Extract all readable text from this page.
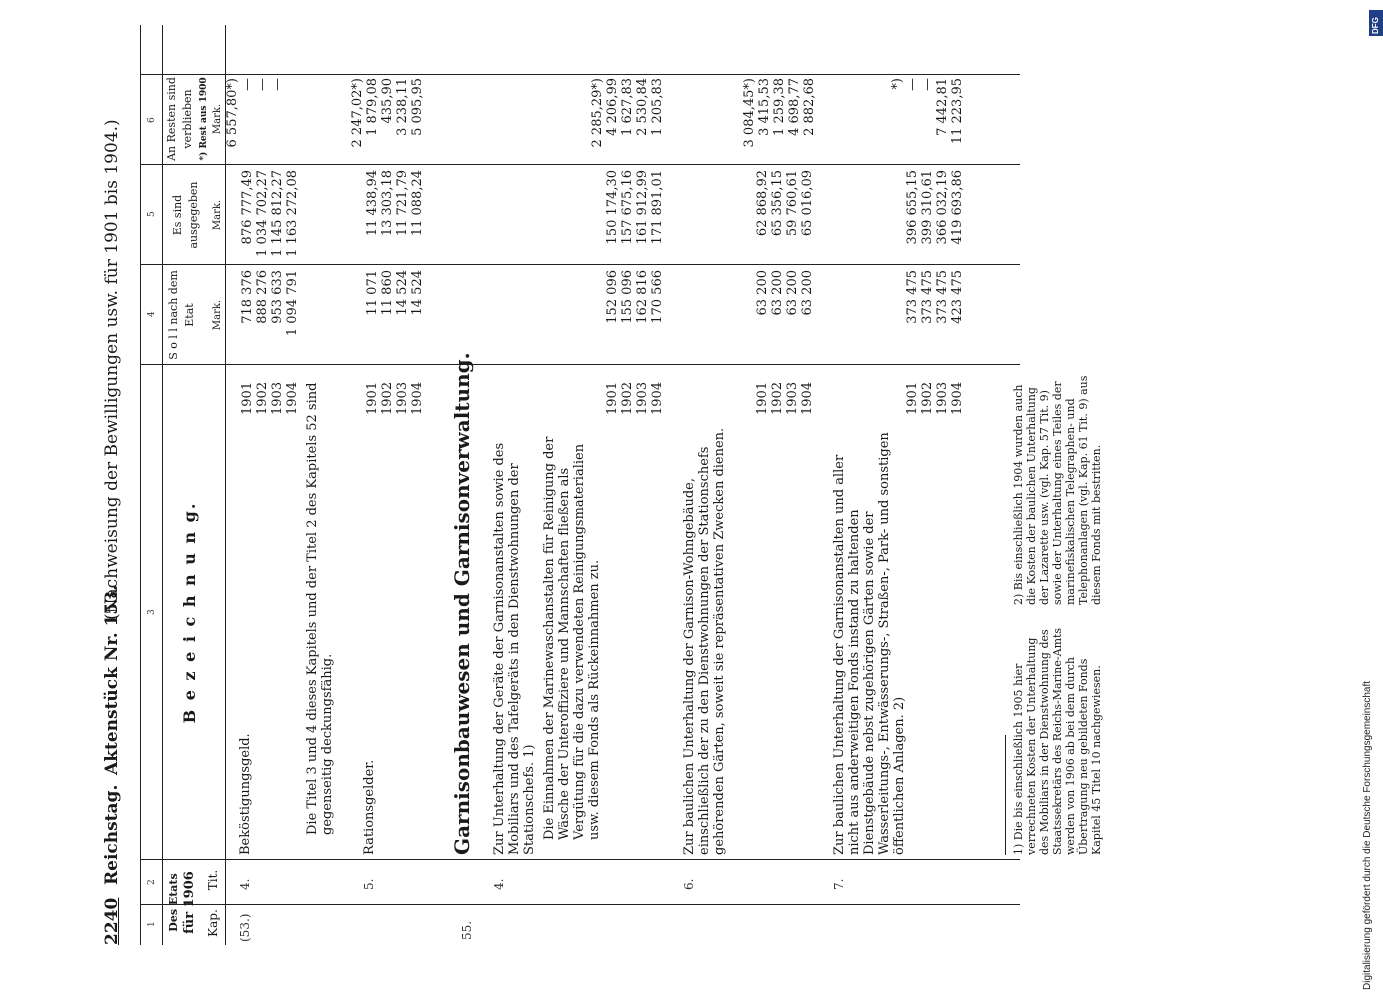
Digitalisierung gefördert durch die Deutsche Forschungsgemeinschaft
DFG
2240
Reichstag.
Aktenstück Nr. 153.
(Nachweisung der Bewilligungen usw. für 1901 bis 1904.)
1
2
3
4
5
6
Des Etats für 1906 Kap.
Tit.
B e z e i c h n u n g.
S o l l nach dem Etat Mark.
Es sind ausgegeben Mark.
An Resten sind verblieben *) Rest aus 1900 Mark.
(53.)
4.
Beköstigungsgeld.
1901 1902 1903 1904
718 376 888 276 953 633 1 094 791
876 777,49 1 034 702,27 1 145 812,27 1 163 272,08
6 557,80*) — — —
Die Titel 3 und 4 dieses Kapitels und der Titel 2 des Kapitels 52 sind gegenseitig deckungsfähig.
5.
Rationsgelder.
1901 1902 1903 1904
11 071 11 860 14 524 14 524
11 438,94 13 303,18 11 721,79 11 088,24
2 247,02*) 1 879,08 435,90 3 238,11 5 095,95
55.
Garnisonbauwesen und Garnisonverwaltung.
4.
Zur Unterhaltung der Geräte der Garnisonanstalten sowie des Mobiliars und des Tafelgeräts in den Dienstwohnungen der Stationschefs. 1) Die Einnahmen der Marinewaschanstalten für Reinigung der Wäsche der Unteroffiziere und Mannschaften fließen als Vergütung für die dazu verwendeten Reinigungsmaterialien usw. diesem Fonds als Rückeinnahmen zu.
1901 1902 1903 1904
152 096 155 096 162 816 170 566
150 174,30 157 675,16 161 912,99 171 891,01
2 285,29*) 4 206,99 1 627,83 2 530,84 1 205,83
6.
Zur baulichen Unterhaltung der Garnison-Wohngebäude, einschließlich der zu den Dienstwohnungen der Stationschefs gehörenden Gärten, soweit sie repräsentativen Zwecken dienen.
1901 1902 1903 1904
63 200 63 200 63 200 63 200
62 868,92 65 356,15 59 760,61 65 016,09
3 084,45*) 3 415,53 1 259,38 4 698,77 2 882,68
7.
Zur baulichen Unterhaltung der Garnisonanstalten und aller nicht aus anderweitigen Fonds instand zu haltenden Dienstgebäude nebst zugehörigen Gärten sowie der Wasserleitungs-, Entwässerungs-, Straßen-, Park- und sonstigen öffentlichen Anlagen. 2)
1901 1902 1903 1904
373 475 373 475 373 475 423 475
396 655,15 399 310,61 366 032,19 419 693,86
*) — — 7 442,81 11 223,95
1) Die bis einschließlich 1905 hier verrechneten Kosten der Unterhaltung des Mobiliars in der Dienstwohnung des Staatssekretärs des Reichs-Marine-Amts werden von 1906 ab bei dem durch Übertragung neu gebildeten Fonds Kapitel 45 Titel 10 nachgewiesen.
2) Bis einschließlich 1904 wurden auch die Kosten der baulichen Unterhaltung der Lazarette usw. (vgl. Kap. 57 Tit. 9) sowie der Unterhaltung eines Teiles der marinefiskalischen Telegraphen- und Telephonanlagen (vgl. Kap. 61 Tit. 9) aus diesem Fonds mit bestritten.
